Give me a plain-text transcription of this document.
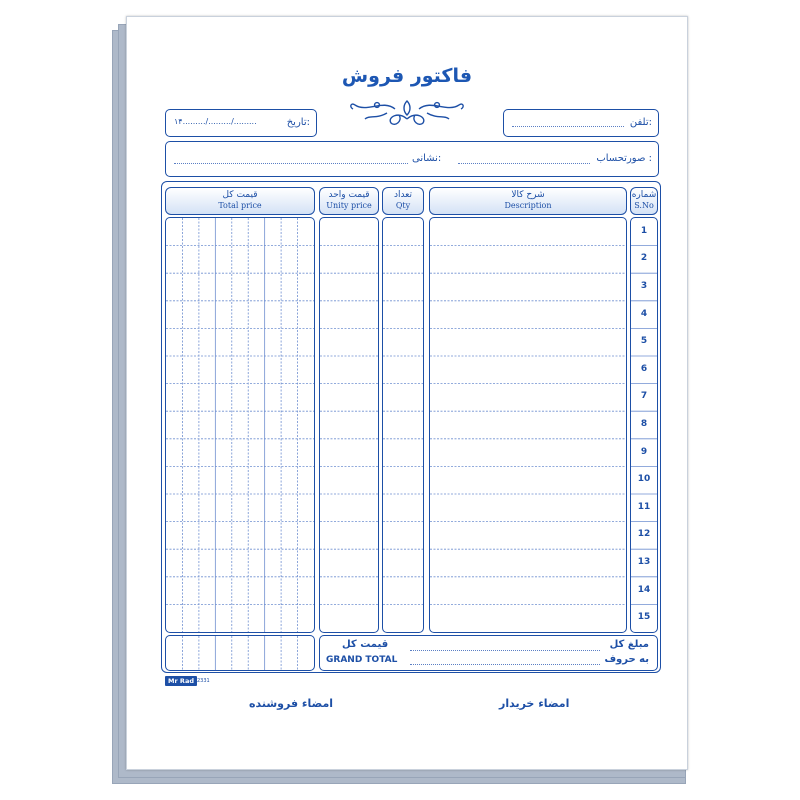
فاکتور فروش
تاریخ:
۱۴........./........./.........	تلفن:
صورتحساب :
نشانی:
شماره
S.No
شرح کالا
Description
تعداد
Qty
قیمت واحد
Unity price
قیمت کل
Total price
1
2
3
4
5
6
7
8
9
10
11
12
13
14
15
مبلغ کل
به حروف
قیمت کل
GRAND TOTAL
Mr Rad 2331
امضاء خریدار
امضاء فروشنده
